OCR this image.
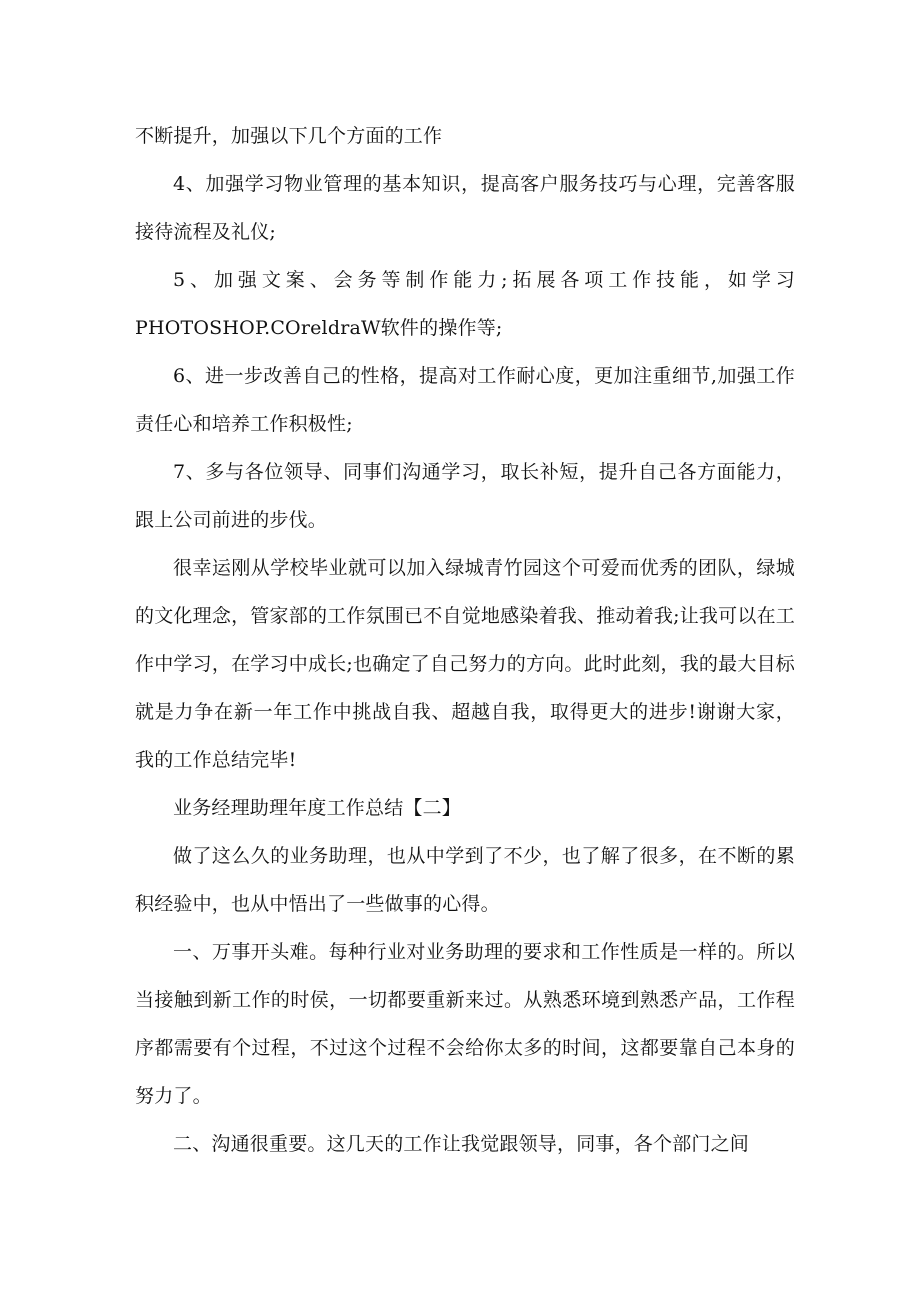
不断提升，加强以下几个方面的工作

4、加强学习物业管理的基本知识，提高客户服务技巧与心理，完善客服接待流程及礼仪;

5、加强文案、会务等制作能力;拓展各项工作技能，如学习PHOTOSHOP.COreldraW软件的操作等;

6、进一步改善自己的性格，提高对工作耐心度，更加注重细节,加强工作责任心和培养工作积极性;

7、多与各位领导、同事们沟通学习，取长补短，提升自己各方面能力，跟上公司前进的步伐。

很幸运刚从学校毕业就可以加入绿城青竹园这个可爱而优秀的团队，绿城的文化理念，管家部的工作氛围已不自觉地感染着我、推动着我;让我可以在工作中学习，在学习中成长;也确定了自己努力的方向。此时此刻，我的最大目标就是力争在新一年工作中挑战自我、超越自我，取得更大的进步!谢谢大家，我的工作总结完毕!

业务经理助理年度工作总结【二】

做了这么久的业务助理，也从中学到了不少，也了解了很多，在不断的累积经验中，也从中悟出了一些做事的心得。

一、万事开头难。每种行业对业务助理的要求和工作性质是一样的。所以当接触到新工作的时侯，一切都要重新来过。从熟悉环境到熟悉产品，工作程序都需要有个过程，不过这个过程不会给你太多的时间，这都要靠自己本身的努力了。

二、沟通很重要。这几天的工作让我觉跟领导，同事，各个部门之间
